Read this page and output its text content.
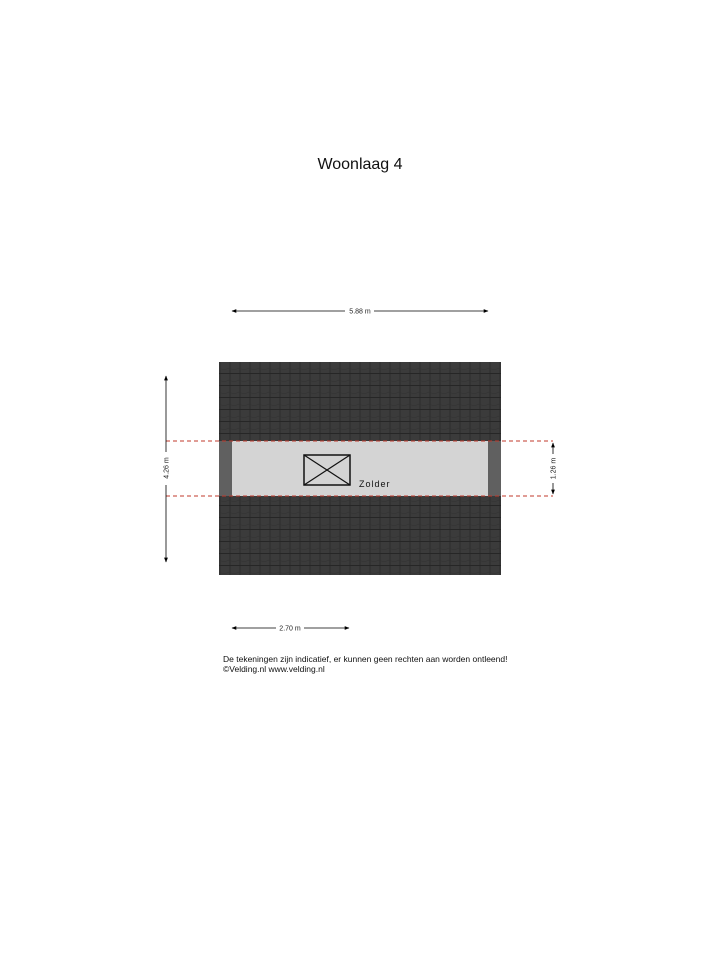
Woonlaag 4
Zolder
5.88 m
4.26 m	1.26 m
2.70 m
De tekeningen zijn indicatief, er kunnen geen rechten aan worden ontleend!
©Velding.nl www.velding.nl
